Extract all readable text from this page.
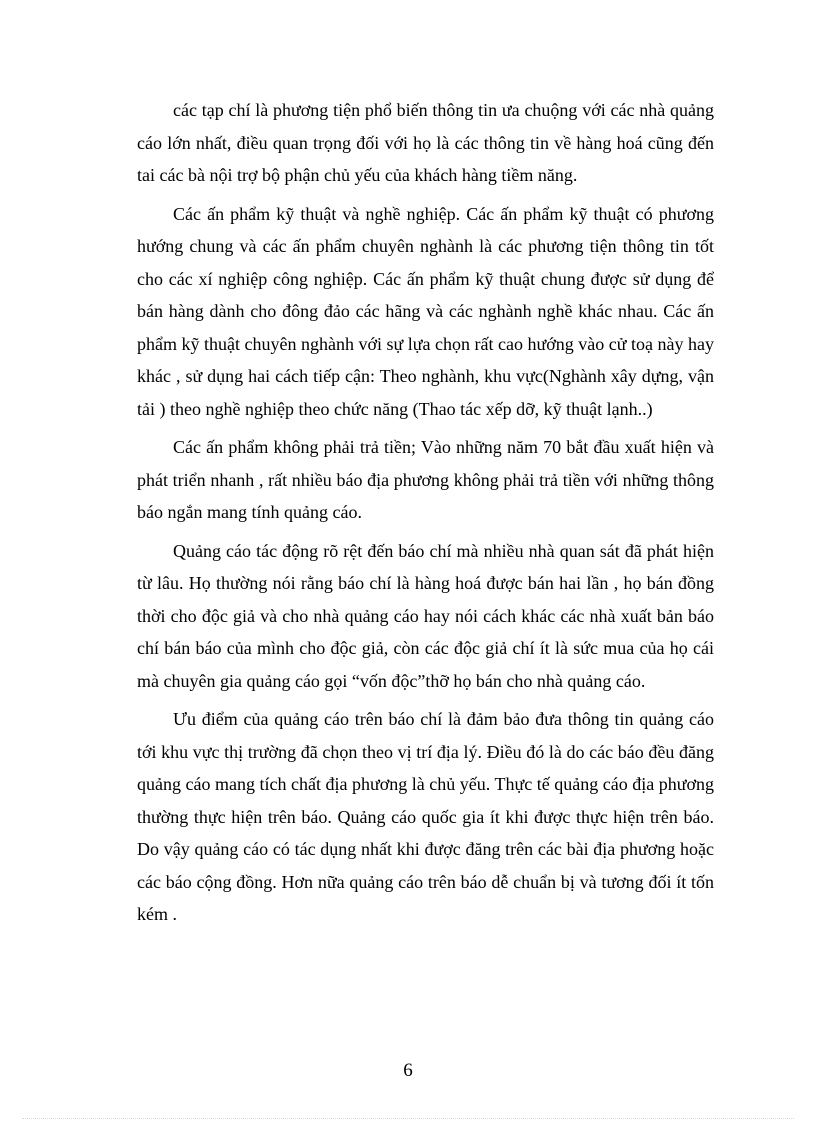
các tạp chí là phương tiện phổ biến thông tin ưa chuộng với các nhà quảng cáo lớn nhất, điều quan trọng đối với họ là các thông tin về hàng hoá cũng đến tai các bà nội trợ bộ phận chủ yếu của khách hàng tiềm năng.

Các ấn phẩm kỹ thuật và nghề nghiệp. Các ấn phẩm kỹ thuật có phương hướng chung và các ấn phẩm chuyên nghành là các phương tiện thông tin tốt cho các xí nghiệp công nghiệp. Các ấn phẩm kỹ thuật chung được sử dụng để bán hàng dành cho đông đảo các hãng và các nghành nghề khác nhau. Các ấn phẩm kỹ thuật chuyên nghành với sự lựa chọn rất cao hướng vào cử toạ này hay khác , sử dụng hai cách tiếp cận: Theo nghành, khu vực(Nghành xây dựng, vận tải ) theo nghề nghiệp theo chức năng (Thao tác xếp dỡ, kỹ thuật lạnh..)

Các ấn phẩm không phải trả tiền; Vào những năm 70 bắt đầu xuất hiện và phát triển nhanh , rất nhiều báo địa phương không phải trả tiền với những thông báo ngắn mang tính quảng cáo.

Quảng cáo tác động rõ rệt đến báo chí mà nhiều nhà quan sát đã phát hiện từ lâu. Họ thường nói rằng báo chí là hàng hoá được bán hai lần , họ bán đồng thời cho độc giả và cho nhà quảng cáo hay nói cách khác các nhà xuất bản báo chí bán báo của mình cho độc giả, còn các độc giả chí ít là sức mua của họ cái mà chuyên gia quảng cáo gọi “vốn độc”thỡ họ bán cho nhà quảng cáo.

Ưu điểm của quảng cáo trên báo chí là đảm bảo đưa thông tin quảng cáo tới khu vực thị trường đã chọn theo vị trí địa lý. Điều đó là do các báo đều đăng quảng cáo mang tích chất địa phương là chủ yếu. Thực tế quảng cáo địa phương thường thực hiện trên báo. Quảng cáo quốc gia ít khi được thực hiện trên báo. Do vậy quảng cáo có tác dụng nhất khi được đăng trên các bài địa phương hoặc các báo cộng đồng. Hơn nữa quảng cáo trên báo dễ chuẩn bị và tương đối ít tốn kém .

6
